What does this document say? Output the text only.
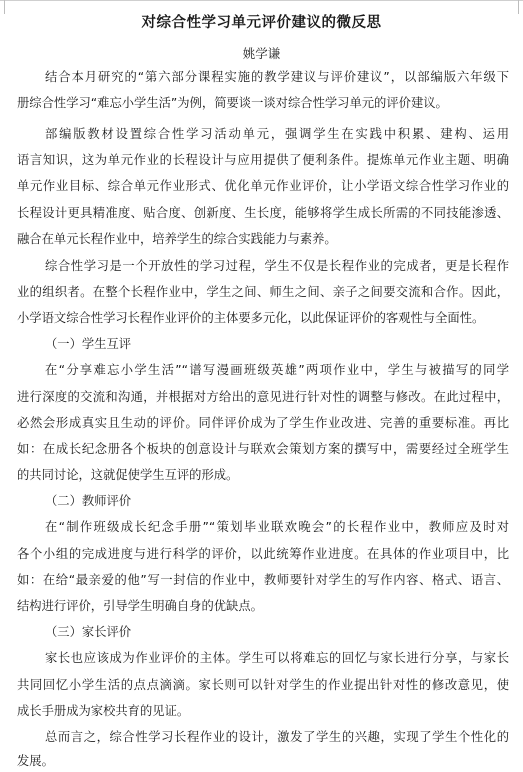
对综合性学习单元评价建议的微反思
姚学谦
结合本月研究的“第六部分课程实施的教学建议与评价建议”，以部编版六年级下
册综合性学习“难忘小学生活”为例，简要谈一谈对综合性学习单元的评价建议。
部编版教材设置综合性学习活动单元，强调学生在实践中积累、建构、运用
语言知识，这为单元作业的长程设计与应用提供了便利条件。提炼单元作业主题、明确
单元作业目标、综合单元作业形式、优化单元作业评价，让小学语文综合性学习作业的
长程设计更具精准度、贴合度、创新度、生长度，能够将学生成长所需的不同技能渗透、
融合在单元长程作业中，培养学生的综合实践能力与素养。
综合性学习是一个开放性的学习过程，学生不仅是长程作业的完成者，更是长程作
业的组织者。在整个长程作业中，学生之间、师生之间、亲子之间要交流和合作。因此，
小学语文综合性学习长程作业评价的主体要多元化，以此保证评价的客观性与全面性。
（一）学生互评
在“分享难忘小学生活”“谱写漫画班级英雄”两项作业中，学生与被描写的同学
进行深度的交流和沟通，并根据对方给出的意见进行针对性的调整与修改。在此过程中，
必然会形成真实且生动的评价。同伴评价成为了学生作业改进、完善的重要标准。再比
如：在成长纪念册各个板块的创意设计与联欢会策划方案的撰写中，需要经过全班学生
的共同讨论，这就促使学生互评的形成。
（二）教师评价
在“制作班级成长纪念手册”“策划毕业联欢晚会”的长程作业中，教师应及时对
各个小组的完成进度与进行科学的评价，以此统筹作业进度。在具体的作业项目中，比
如：在给“最亲爱的他”写一封信的作业中，教师要针对学生的写作内容、格式、语言、
结构进行评价，引导学生明确自身的优缺点。
（三）家长评价
家长也应该成为作业评价的主体。学生可以将难忘的回忆与家长进行分享，与家长
共同回忆小学生活的点点滴滴。家长则可以针对学生的作业提出针对性的修改意见，使
成长手册成为家校共育的见证。
总而言之，综合性学习长程作业的设计，激发了学生的兴趣，实现了学生个性化的
发展。
